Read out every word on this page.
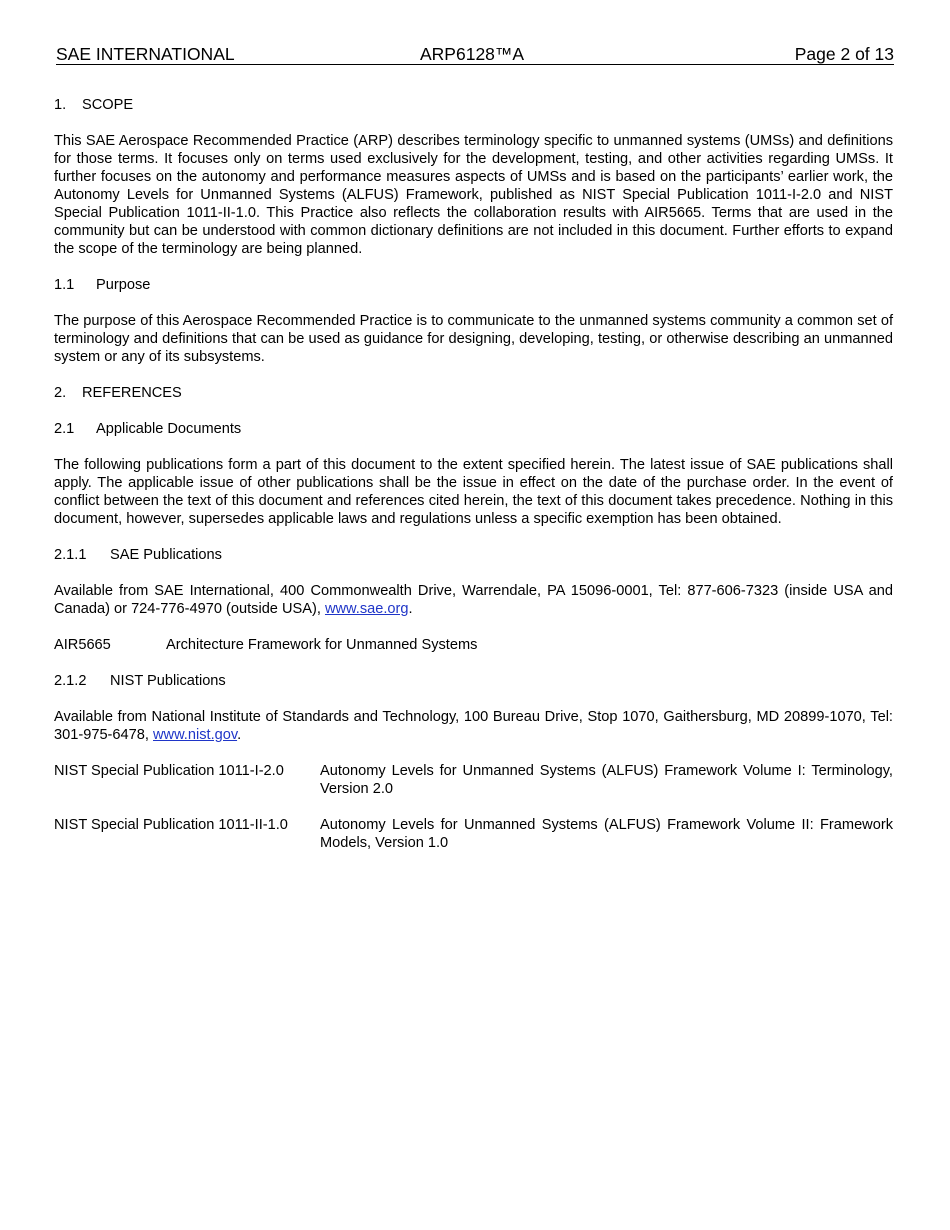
SAE INTERNATIONAL	ARP6128™A	Page 2 of 13
1. SCOPE

This SAE Aerospace Recommended Practice (ARP) describes terminology specific to unmanned systems (UMSs) and definitions for those terms. It focuses only on terms used exclusively for the development, testing, and other activities regarding UMSs. It further focuses on the autonomy and performance measures aspects of UMSs and is based on the participants’ earlier work, the Autonomy Levels for Unmanned Systems (ALFUS) Framework, published as NIST Special Publication 1011-I-2.0 and NIST Special Publication 1011-II-1.0. This Practice also reflects the collaboration results with AIR5665. Terms that are used in the community but can be understood with common dictionary definitions are not included in this document. Further efforts to expand the scope of the terminology are being planned.

1.1 Purpose

The purpose of this Aerospace Recommended Practice is to communicate to the unmanned systems community a common set of terminology and definitions that can be used as guidance for designing, developing, testing, or otherwise describing an unmanned system or any of its subsystems.

2. REFERENCES
2.1 Applicable Documents

The following publications form a part of this document to the extent specified herein. The latest issue of SAE publications shall apply. The applicable issue of other publications shall be the issue in effect on the date of the purchase order. In the event of conflict between the text of this document and references cited herein, the text of this document takes precedence. Nothing in this document, however, supersedes applicable laws and regulations unless a specific exemption has been obtained.

2.1.1 SAE Publications

Available from SAE International, 400 Commonwealth Drive, Warrendale, PA 15096-0001, Tel: 877-606-7323 (inside USA and Canada) or 724-776-4970 (outside USA), www.sae.org.

AIR5665	Architecture Framework for Unmanned Systems
2.1.2 NIST Publications

Available from National Institute of Standards and Technology, 100 Bureau Drive, Stop 1070, Gaithersburg, MD 20899-1070, Tel: 301-975-6478, www.nist.gov.

NIST Special Publication 1011-I-2.0	Autonomy Levels for Unmanned Systems (ALFUS) Framework Volume I: Terminology, Version 2.0
NIST Special Publication 1011-II-1.0	Autonomy Levels for Unmanned Systems (ALFUS) Framework Volume II: Framework Models, Version 1.0
